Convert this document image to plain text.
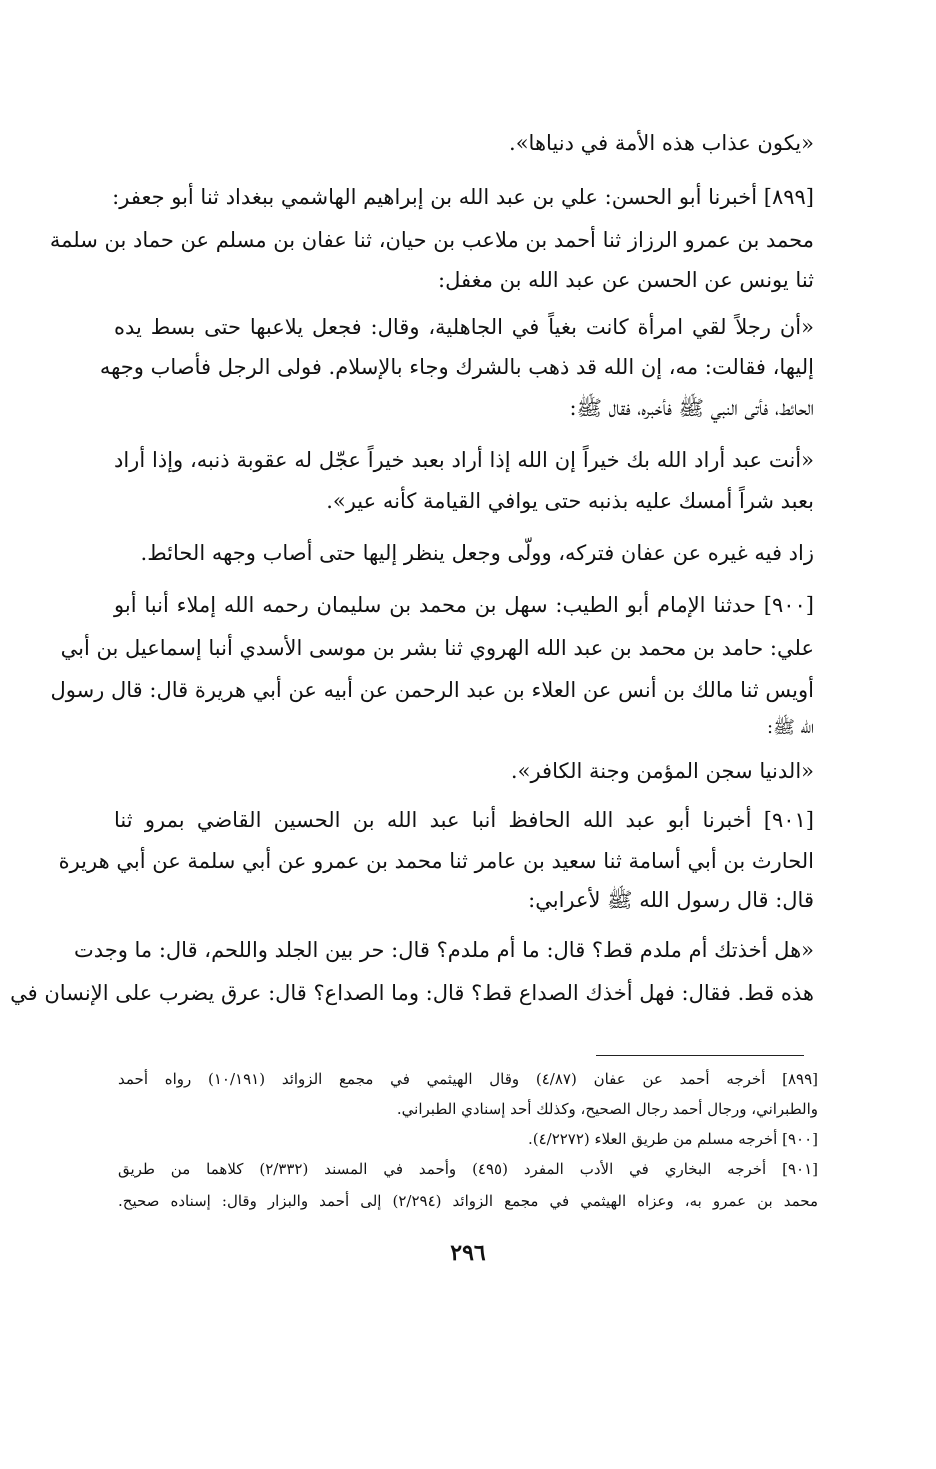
«يكون عذاب هذه الأمة في دنياها».
[٨٩٩] أخبرنا أبو الحسن: علي بن عبد الله بن إبراهيم الهاشمي ببغداد ثنا أبو جعفر:
محمد بن عمرو الرزاز ثنا أحمد بن ملاعب بن حيان، ثنا عفان بن مسلم عن حماد بن سلمة
ثنا يونس عن الحسن عن عبد الله بن مغفل:
«أن رجلاً لقي امرأة كانت بغياً في الجاهلية، وقال: فجعل يلاعبها حتى بسط يده
إليها، فقالت: مه، إن الله قد ذهب بالشرك وجاء بالإسلام. فولى الرجل فأصاب وجهه
الحائط، فأتى النبي ﷺ فأخبره، فقال ﷺ:
«أنت عبد أراد الله بك خيراً إن الله إذا أراد بعبد خيراً عجّل له عقوبة ذنبه، وإذا أراد
بعبد شراً أمسك عليه بذنبه حتى يوافي القيامة كأنه عير».
زاد فيه غيره عن عفان فتركه، وولّى وجعل ينظر إليها حتى أصاب وجهه الحائط.
[٩٠٠] حدثنا الإمام أبو الطيب: سهل بن محمد بن سليمان رحمه الله إملاء أنبا أبو
علي: حامد بن محمد بن عبد الله الهروي ثنا بشر بن موسى الأسدي أنبا إسماعيل بن أبي
أويس ثنا مالك بن أنس عن العلاء بن عبد الرحمن عن أبيه عن أبي هريرة قال: قال رسول
الله ﷺ:
«الدنيا سجن المؤمن وجنة الكافر».
[٩٠١] أخبرنا أبو عبد الله الحافظ أنبا عبد الله بن الحسين القاضي بمرو ثنا
الحارث بن أبي أسامة ثنا سعيد بن عامر ثنا محمد بن عمرو عن أبي سلمة عن أبي هريرة
قال: قال رسول الله ﷺ لأعرابي:
«هل أخذتك أم ملدم قط؟ قال: ما أم ملدم؟ قال: حر بين الجلد واللحم، قال: ما وجدت
هذه قط. فقال: فهل أخذك الصداع قط؟ قال: وما الصداع؟ قال: عرق يضرب على الإنسان في
[٨٩٩] أخرجه أحمد عن عفان (٤/٨٧) وقال الهيثمي في مجمع الزوائد (١٠/١٩١) رواه أحمد
والطبراني، ورجال أحمد رجال الصحيح، وكذلك أحد إسنادي الطبراني.
[٩٠٠] أخرجه مسلم من طريق العلاء (٤/٢٢٧٢).
[٩٠١] أخرجه البخاري في الأدب المفرد (٤٩٥) وأحمد في المسند (٢/٣٣٢) كلاهما من طريق
محمد بن عمرو به، وعزاه الهيثمي في مجمع الزوائد (٢/٢٩٤) إلى أحمد والبزار وقال: إسناده صحيح.
٢٩٦
